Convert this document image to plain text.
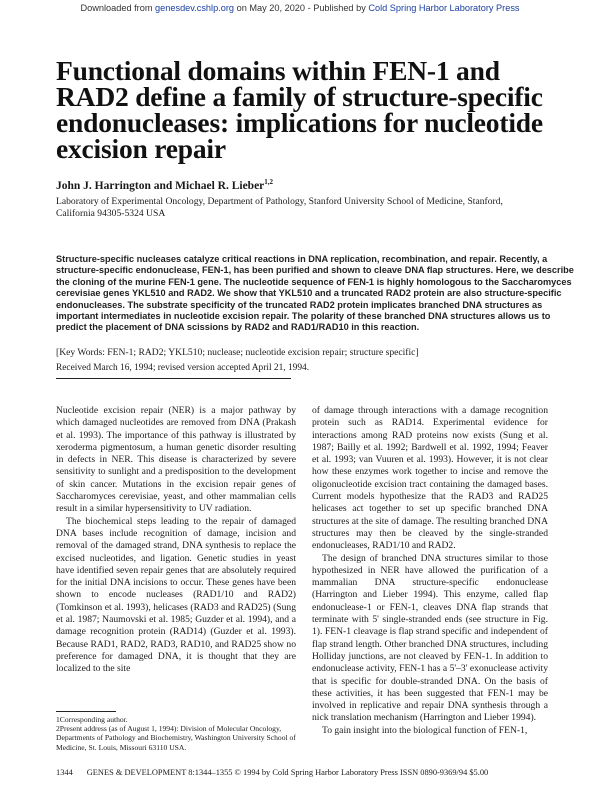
Downloaded from genesdev.cshlp.org on May 20, 2020 - Published by Cold Spring Harbor Laboratory Press
Functional domains within FEN-1 and RAD2 define a family of structure-specific endonucleases: implications for nucleotide excision repair
John J. Harrington and Michael R. Lieber$^{1,2}$
Laboratory of Experimental Oncology, Department of Pathology, Stanford University School of Medicine, Stanford, California 94305-5324 USA

Structure-specific nucleases catalyze critical reactions in DNA replication, recombination, and repair. Recently, a structure-specific endonuclease, FEN-1, has been purified and shown to cleave DNA flap structures. Here, we describe the cloning of the murine FEN-1 gene. The nucleotide sequence of FEN-1 is highly homologous to the Saccharomyces cerevisiae genes YKL510 and RAD2. We show that YKL510 and a truncated RAD2 protein are also structure-specific endonucleases. The substrate specificity of the truncated RAD2 protein implicates branched DNA structures as important intermediates in nucleotide excision repair. The polarity of these branched DNA structures allows us to predict the placement of DNA scissions by RAD2 and RAD1/RAD10 in this reaction.

[Key Words: FEN-1; RAD2; YKL510; nuclease; nucleotide excision repair; structure specific]
Received March 16, 1994; revised version accepted April 21, 1994.

Nucleotide excision repair (NER) is a major pathway by which damaged nucleotides are removed from DNA (Prakash et al. 1993). The importance of this pathway is illustrated by xeroderma pigmentosum, a human genetic disorder resulting in defects in NER. This disease is characterized by severe sensitivity to sunlight and a predisposition to the development of skin cancer. Mutations in the excision repair genes of Saccharomyces cerevisiae, yeast, and other mammalian cells result in a similar hypersensitivity to UV radiation.

The biochemical steps leading to the repair of damaged DNA bases include recognition of damage, incision and removal of the damaged strand, DNA synthesis to replace the excised nucleotides, and ligation. Genetic studies in yeast have identified seven repair genes that are absolutely required for the initial DNA incisions to occur. These genes have been shown to encode nucleases (RAD1/10 and RAD2) (Tomkinson et al. 1993), helicases (RAD3 and RAD25) (Sung et al. 1987; Naumovski et al. 1985; Guzder et al. 1994), and a damage recognition protein (RAD14) (Guzder et al. 1993). Because RAD1, RAD2, RAD3, RAD10, and RAD25 show no preference for damaged DNA, it is thought that they are localized to the site

of damage through interactions with a damage recognition protein such as RAD14. Experimental evidence for interactions among RAD proteins now exists (Sung et al. 1987; Bailly et al. 1992; Bardwell et al. 1992, 1994; Feaver et al. 1993; van Vuuren et al. 1993). However, it is not clear how these enzymes work together to incise and remove the oligonucleotide excision tract containing the damaged bases. Current models hypothesize that the RAD3 and RAD25 helicases act together to set up specific branched DNA structures at the site of damage. The resulting branched DNA structures may then be cleaved by the single-stranded endonucleases, RAD1/10 and RAD2.

The design of branched DNA structures similar to those hypothesized in NER have allowed the purification of a mammalian DNA structure-specific endonuclease (Harrington and Lieber 1994). This enzyme, called flap endonuclease-1 or FEN-1, cleaves DNA flap strands that terminate with 5' single-stranded ends (see structure in Fig. 1). FEN-1 cleavage is flap strand specific and independent of flap strand length. Other branched DNA structures, including Holliday junctions, are not cleaved by FEN-1. In addition to endonuclease activity, FEN-1 has a 5'–3' exonuclease activity that is specific for double-stranded DNA. On the basis of these activities, it has been suggested that FEN-1 may be involved in replicative and repair DNA synthesis through a nick translation mechanism (Harrington and Lieber 1994).

To gain insight into the biological function of FEN-1,

1Corresponding author.

2Present address (as of August 1, 1994): Division of Molecular Oncology, Departments of Pathology and Biochemistry, Washington University School of Medicine, St. Louis, Missouri 63110 USA.

1344 GENES & DEVELOPMENT 8:1344–1355 © 1994 by Cold Spring Harbor Laboratory Press ISSN 0890-9369/94 $5.00
